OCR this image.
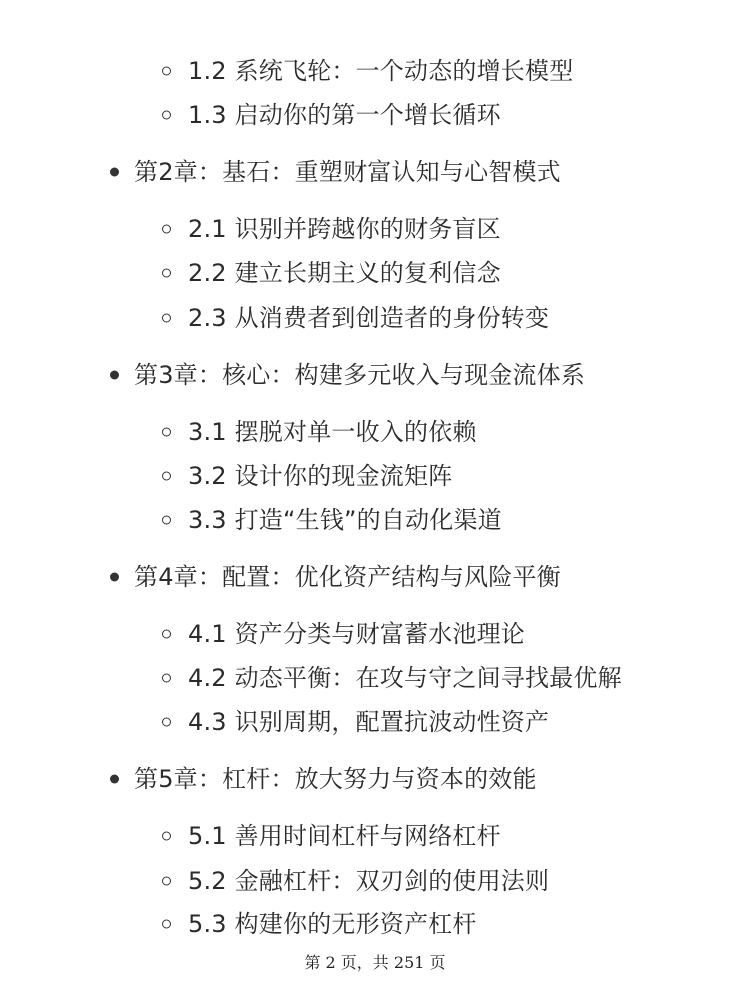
1.2 系统飞轮：一个动态的增长模型
1.3 启动你的第一个增长循环
第2章：基石：重塑财富认知与心智模式
2.1 识别并跨越你的财务盲区
2.2 建立长期主义的复利信念
2.3 从消费者到创造者的身份转变
第3章：核心：构建多元收入与现金流体系
3.1 摆脱对单一收入的依赖
3.2 设计你的现金流矩阵
3.3 打造“生钱”的自动化渠道
第4章：配置：优化资产结构与风险平衡
4.1 资产分类与财富蓄水池理论
4.2 动态平衡：在攻与守之间寻找最优解
4.3 识别周期，配置抗波动性资产
第5章：杠杆：放大努力与资本的效能
5.1 善用时间杠杆与网络杠杆
5.2 金融杠杆：双刃剑的使用法则
5.3 构建你的无形资产杠杆
第 2 页，共 251 页
